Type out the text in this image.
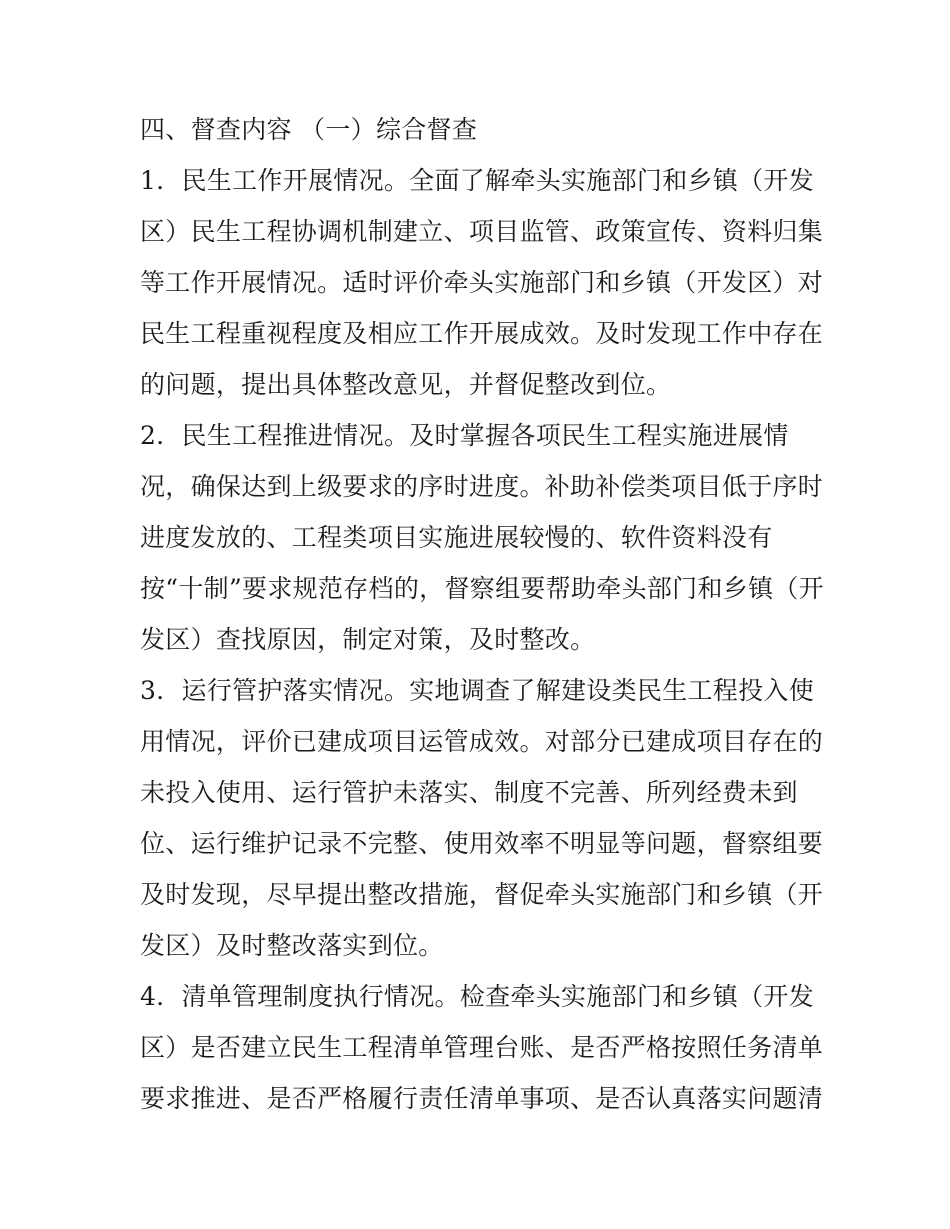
四、督查内容 （一）综合督查
1．民生工作开展情况。全面了解牵头实施部门和乡镇（开发
区）民生工程协调机制建立、项目监管、政策宣传、资料归集
等工作开展情况。适时评价牵头实施部门和乡镇（开发区）对
民生工程重视程度及相应工作开展成效。及时发现工作中存在
的问题，提出具体整改意见，并督促整改到位。
2．民生工程推进情况。及时掌握各项民生工程实施进展情
况，确保达到上级要求的序时进度。补助补偿类项目低于序时
进度发放的、工程类项目实施进展较慢的、软件资料没有
按“十制”要求规范存档的，督察组要帮助牵头部门和乡镇（开
发区）查找原因，制定对策，及时整改。
3．运行管护落实情况。实地调查了解建设类民生工程投入使
用情况，评价已建成项目运管成效。对部分已建成项目存在的
未投入使用、运行管护未落实、制度不完善、所列经费未到
位、运行维护记录不完整、使用效率不明显等问题，督察组要
及时发现，尽早提出整改措施，督促牵头实施部门和乡镇（开
发区）及时整改落实到位。
4．清单管理制度执行情况。检查牵头实施部门和乡镇（开发
区）是否建立民生工程清单管理台账、是否严格按照任务清单
要求推进、是否严格履行责任清单事项、是否认真落实问题清
